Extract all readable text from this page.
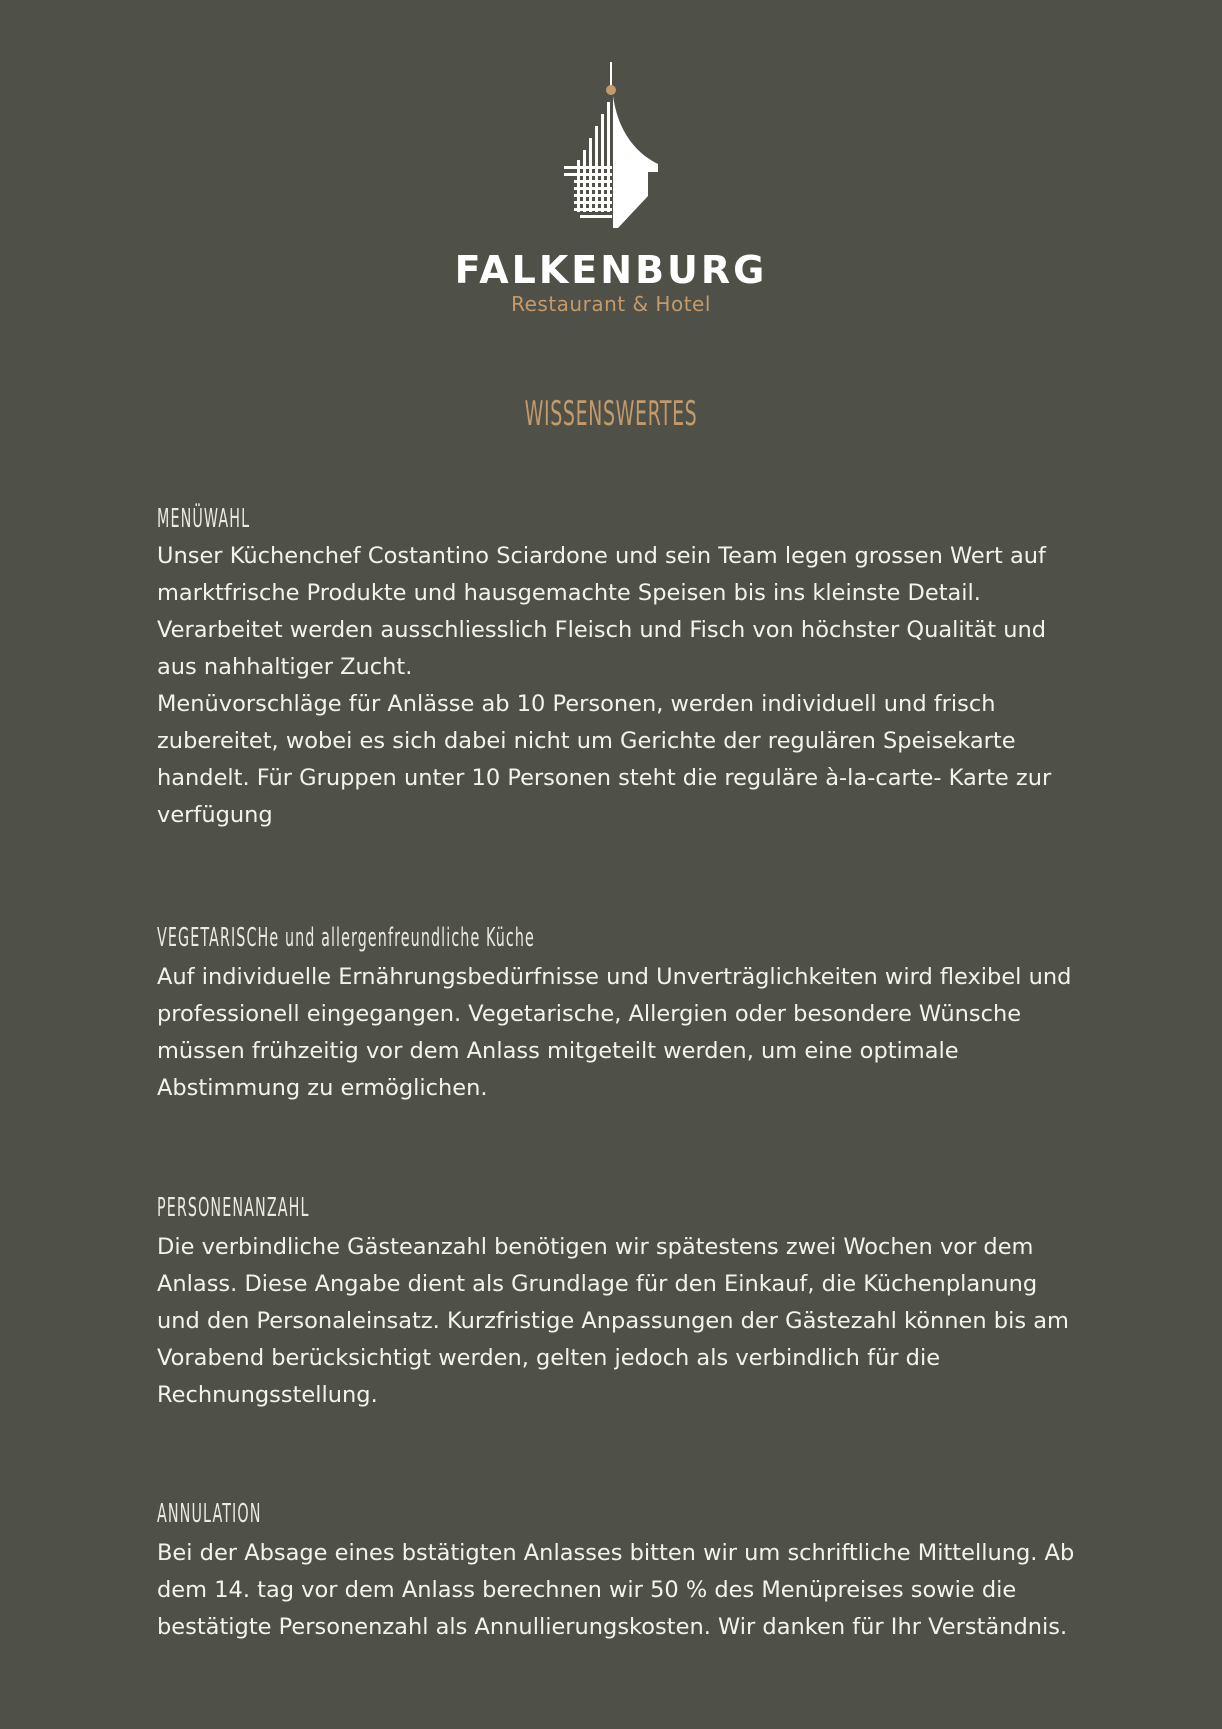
FALKENBURG
Restaurant & Hotel
WISSENSWERTES
MENÜWAHL

Unser Küchenchef Costantino Sciardone und sein Team legen grossen Wert auf marktfrische Produkte und hausgemachte Speisen bis ins kleinste Detail. Verarbeitet werden ausschliesslich Fleisch und Fisch von höchster Qualität und aus nahhaltiger Zucht.

Menüvorschläge für Anlässe ab 10 Personen, werden individuell und frisch zubereitet, wobei es sich dabei nicht um Gerichte der regulären Speisekarte handelt. Für Gruppen unter 10 Personen steht die reguläre à-la-carte- Karte zur verfügung

VEGETARISCHe und allergenfreundliche Küche

Auf individuelle Ernährungsbedürfnisse und Unverträglichkeiten wird flexibel und professionell eingegangen. Vegetarische, Allergien oder besondere Wünsche müssen frühzeitig vor dem Anlass mitgeteilt werden, um eine optimale Abstimmung zu ermöglichen.

PERSONENANZAHL

Die verbindliche Gästeanzahl benötigen wir spätestens zwei Wochen vor dem Anlass. Diese Angabe dient als Grundlage für den Einkauf, die Küchenplanung und den Personaleinsatz. Kurzfristige Anpassungen der Gästezahl können bis am Vorabend berücksichtigt werden, gelten jedoch als verbindlich für die Rechnungsstellung.

ANNULATION

Bei der Absage eines bstätigten Anlasses bitten wir um schriftliche Mittellung. Ab dem 14. tag vor dem Anlass berechnen wir 50 % des Menüpreises sowie die bestätigte Personenzahl als Annullierungskosten. Wir danken für Ihr Verständnis.
